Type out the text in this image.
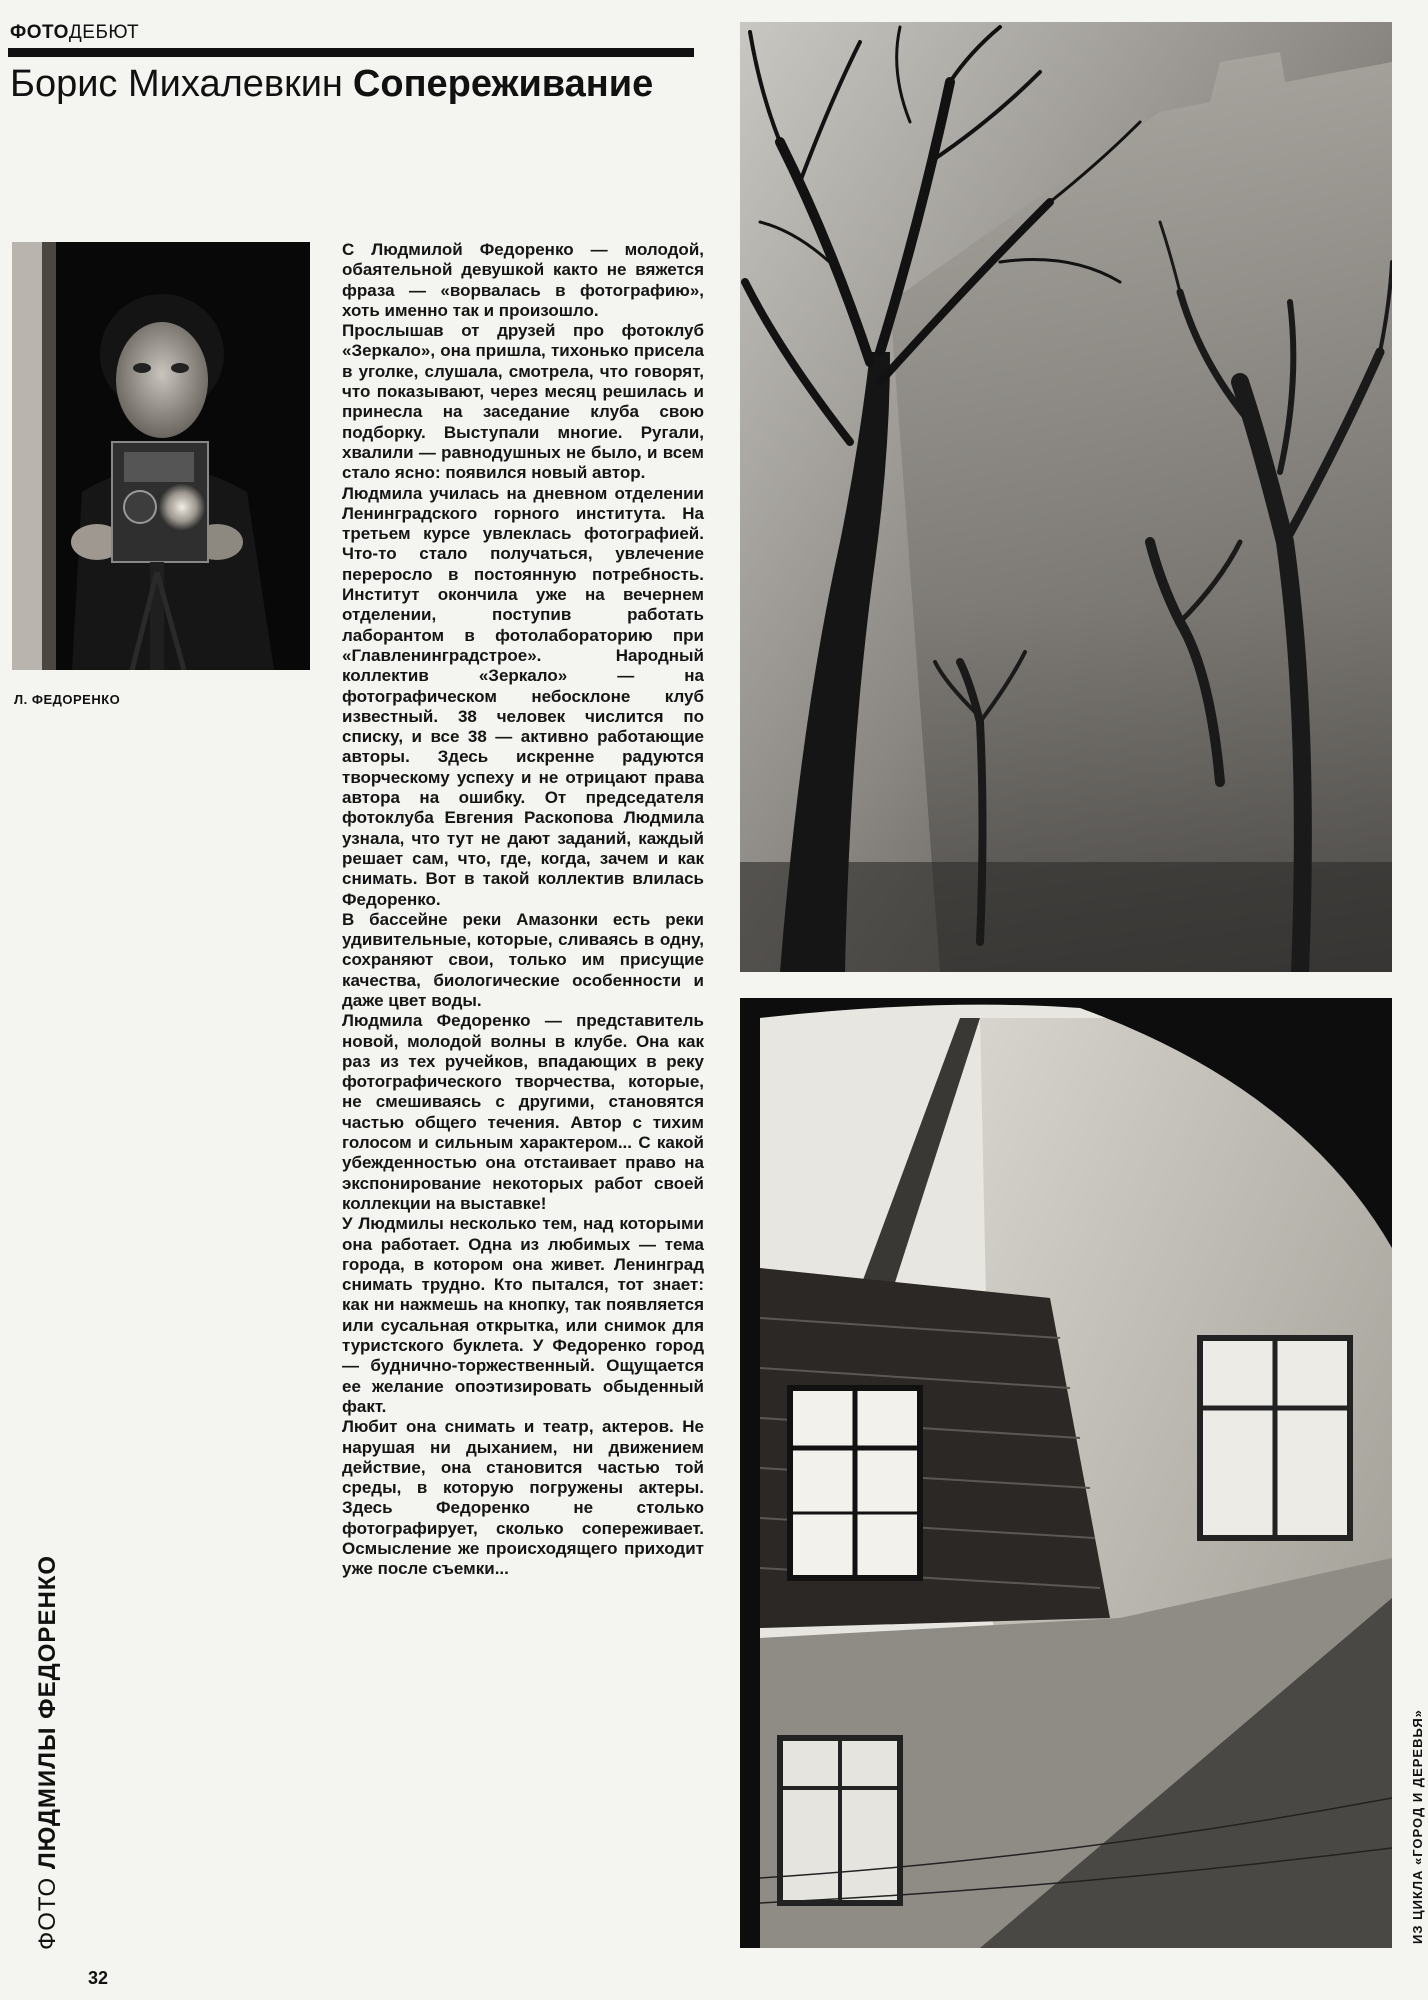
ФОТОДЕБЮТ
Борис Михалевкин Сопереживание
Л. ФЕДОРЕНКО

С Людмилой Федоренко — молодой, обаятельной девушкой както не вяжется фраза — «ворвалась в фотографию», хоть именно так и произошло.

Прослышав от друзей про фотоклуб «Зеркало», она пришла, тихонько присела в уголке, слушала, смотрела, что говорят, что показывают, через месяц решилась и принесла на заседание клуба свою подборку. Выступали многие. Ругали, хвалили — равнодушных не было, и всем стало ясно: появился новый автор.

Людмила училась на дневном отделении Ленинградского горного института. На третьем курсе увлеклась фотографией. Что-то стало получаться, увлечение переросло в постоянную потребность. Институт окончила уже на вечернем отделении, поступив работать лаборантом в фотолабораторию при «Главленинградстрое». Народный коллектив «Зеркало» — на фотографическом небосклоне клуб известный. 38 человек числится по списку, и все 38 — активно работающие авторы. Здесь искренне радуются творческому успеху и не отрицают права автора на ошибку. От председателя фотоклуба Евгения Раскопова Людмила узнала, что тут не дают заданий, каждый решает сам, что, где, когда, зачем и как снимать. Вот в такой коллектив влилась Федоренко.

В бассейне реки Амазонки есть реки удивительные, которые, сливаясь в одну, сохраняют свои, только им присущие качества, биологические особенности и даже цвет воды.

Людмила Федоренко — представитель новой, молодой волны в клубе. Она как раз из тех ручейков, впадающих в реку фотографического творчества, которые, не смешиваясь с другими, становятся частью общего течения. Автор с тихим голосом и сильным характером... С какой убежденностью она отстаивает право на экспонирование некоторых работ своей коллекции на выставке!

У Людмилы несколько тем, над которыми она работает. Одна из любимых — тема города, в котором она живет. Ленинград снимать трудно. Кто пытался, тот знает: как ни нажмешь на кнопку, так появляется или сусальная открытка, или снимок для туристского буклета. У Федоренко город — буднично-торжественный. Ощущается ее желание опоэтизировать обыденный факт.

Любит она снимать и театр, актеров. Не нарушая ни дыханием, ни движением действие, она становится частью той среды, в которую погружены актеры. Здесь Федоренко не столько фотографирует, сколько сопереживает. Осмысление же происходящего приходит уже после съемки...

ФОТО ЛЮДМИЛЫ ФЕДОРЕНКО	ИЗ ЦИКЛА «ГОРОД И ДЕРЕВЬЯ»
32
